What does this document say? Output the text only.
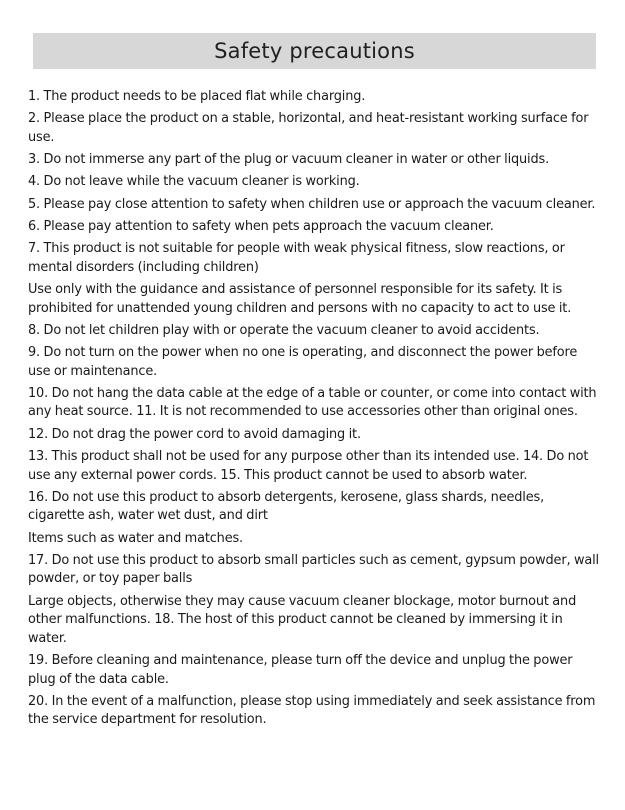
Safety precautions

1. The product needs to be placed flat while charging.

2. Please place the product on a stable, horizontal, and heat-resistant working surface for use.

3. Do not immerse any part of the plug or vacuum cleaner in water or other liquids.

4. Do not leave while the vacuum cleaner is working.

5. Please pay close attention to safety when children use or approach the vacuum cleaner.

6. Please pay attention to safety when pets approach the vacuum cleaner.

7. This product is not suitable for people with weak physical fitness, slow reactions, or mental disorders (including children)

Use only with the guidance and assistance of personnel responsible for its safety. It is prohibited for unattended young children and persons with no capacity to act to use it.

8. Do not let children play with or operate the vacuum cleaner to avoid accidents.

9. Do not turn on the power when no one is operating, and disconnect the power before use or maintenance.

10. Do not hang the data cable at the edge of a table or counter, or come into contact with any heat source. 11. It is not recommended to use accessories other than original ones.

12. Do not drag the power cord to avoid damaging it.

13. This product shall not be used for any purpose other than its intended use. 14. Do not use any external power cords. 15. This product cannot be used to absorb water.

16. Do not use this product to absorb detergents, kerosene, glass shards, needles, cigarette ash, water wet dust, and dirt

Items such as water and matches.

17. Do not use this product to absorb small particles such as cement, gypsum powder, wall powder, or toy paper balls

Large objects, otherwise they may cause vacuum cleaner blockage, motor burnout and other malfunctions. 18. The host of this product cannot be cleaned by immersing it in water.

19. Before cleaning and maintenance, please turn off the device and unplug the power plug of the data cable.

20. In the event of a malfunction, please stop using immediately and seek assistance from the service department for resolution.
